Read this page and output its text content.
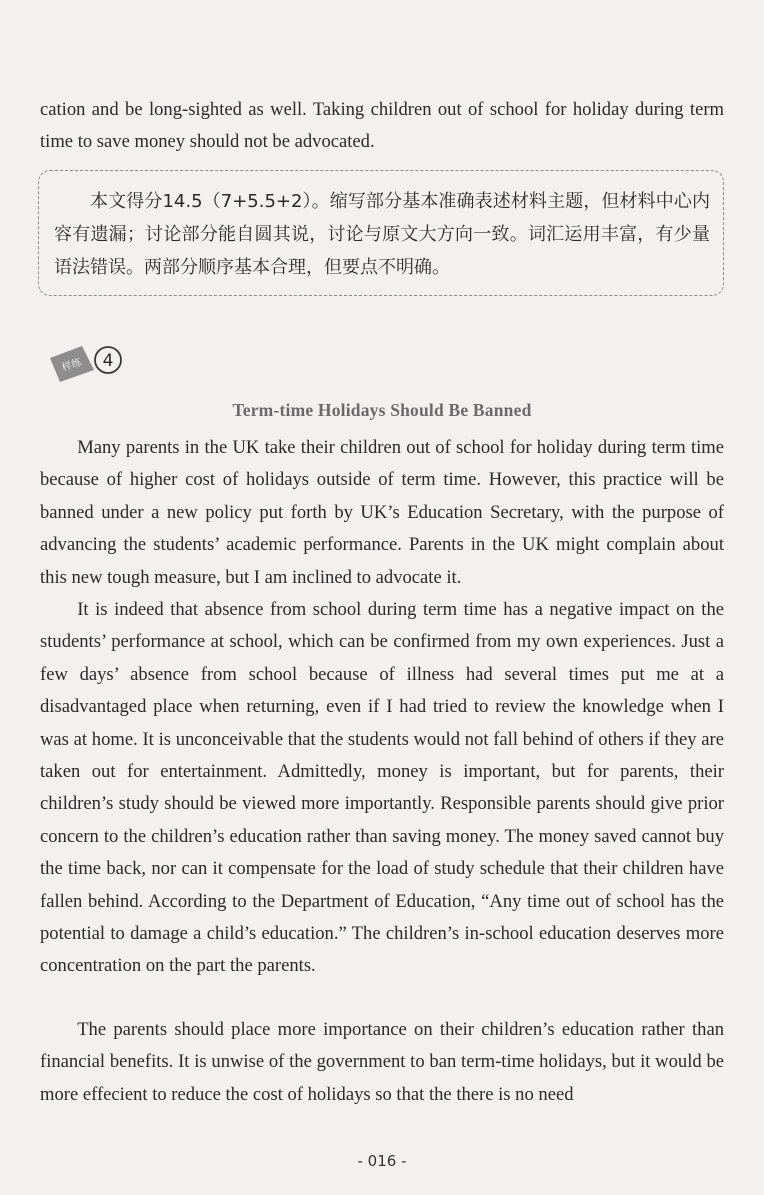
cation and be long-sighted as well. Taking children out of school for holiday during term time to save money should not be advocated.

本文得分14.5（7+5.5+2）。缩写部分基本准确表述材料主题，但材料中心内容有遗漏；讨论部分能自圆其说，讨论与原文大方向一致。词汇运用丰富，有少量语法错误。两部分顺序基本合理，但要点不明确。

样练 4
Term-time Holidays Should Be Banned

Many parents in the UK take their children out of school for holiday during term time because of higher cost of holidays outside of term time. However, this practice will be banned under a new policy put forth by UK’s Education Secretary, with the purpose of advancing the students’ academic performance. Parents in the UK might complain about this new tough measure, but I am inclined to advocate it.

It is indeed that absence from school during term time has a negative impact on the students’ performance at school, which can be confirmed from my own experiences. Just a few days’ absence from school because of illness had several times put me at a disadvantaged place when returning, even if I had tried to review the knowledge when I was at home. It is unconceivable that the students would not fall behind of others if they are taken out for entertainment. Admittedly, money is important, but for parents, their children’s study should be viewed more importantly. Responsible parents should give prior concern to the children’s education rather than saving money. The money saved cannot buy the time back, nor can it compensate for the load of study schedule that their children have fallen behind. According to the Department of Education, “Any time out of school has the potential to damage a child’s education.” The children’s in-school education deserves more concentration on the part the parents.

The parents should place more importance on their children’s education rather than financial benefits. It is unwise of the government to ban term-time holidays, but it would be more effecient to reduce the cost of holidays so that the there is no need

- 016 -
